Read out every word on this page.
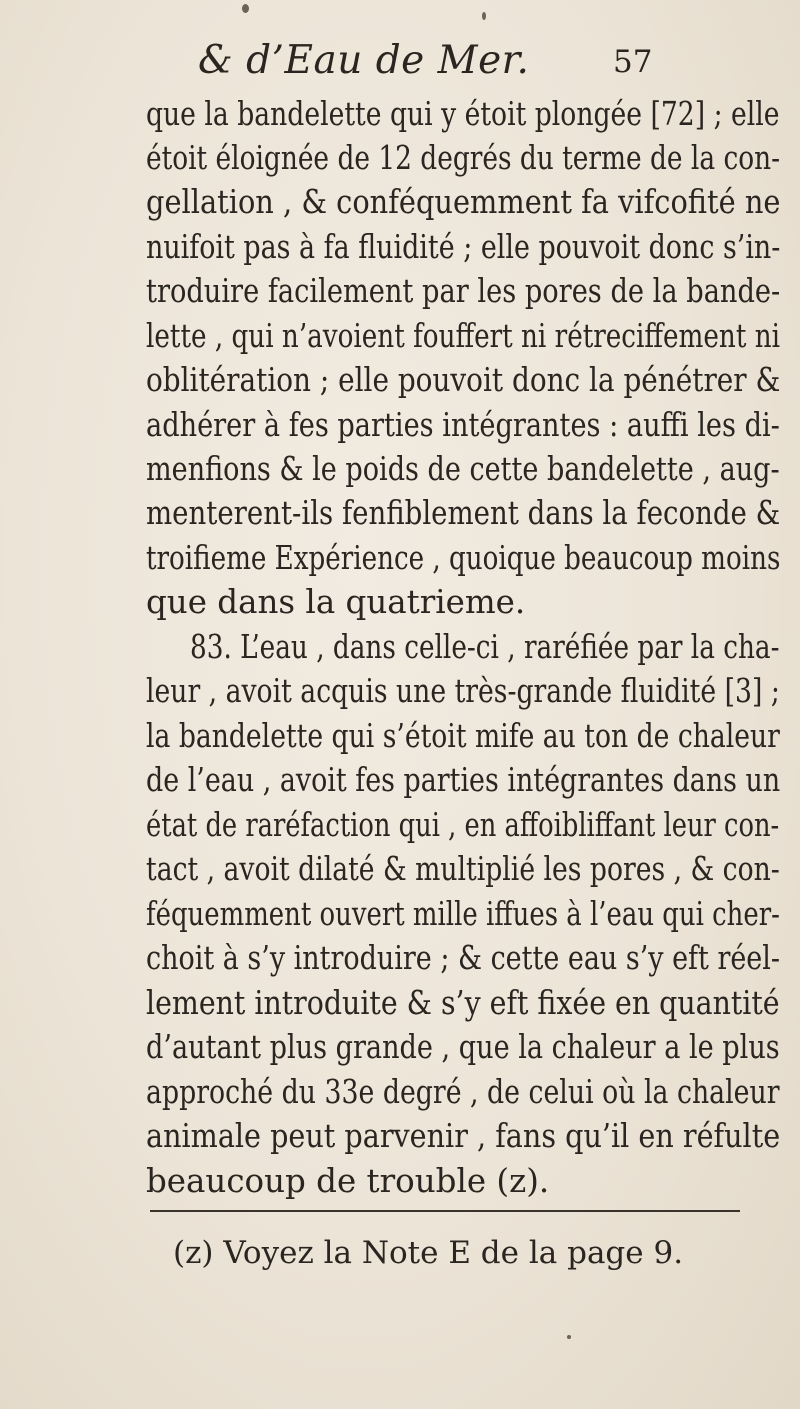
& d’Eau de Mer.	57
que la bandelette qui y étoit plongée [72] ; elle
étoit éloignée de 12 degrés du terme de la con-
gellation , & conféquemment fa vifcofité ne
nuifoit pas à fa fluidité ; elle pouvoit donc s’in-
troduire facilement par les pores de la bande-
lette , qui n’avoient fouffert ni rétreciffement ni
oblitération ; elle pouvoit donc la pénétrer &
adhérer à fes parties intégrantes : auffi les di-
menfions & le poids de cette bandelette , aug-
menterent-ils fenfiblement dans la feconde &
troifieme Expérience , quoique beaucoup moins
que dans la quatrieme.
83. L’eau , dans celle-ci , raréfiée par la cha-
leur , avoit acquis une très-grande fluidité [3] ;
la bandelette qui s’étoit mife au ton de chaleur
de l’eau , avoit fes parties intégrantes dans un
état de raréfaction qui , en affoibliffant leur con-
tact , avoit dilaté & multiplié les pores , & con-
féquemment ouvert mille iffues à l’eau qui cher-
choit à s’y introduire ; & cette eau s’y eft réel-
lement introduite & s’y eft fixée en quantité
d’autant plus grande , que la chaleur a le plus
approché du 33e degré , de celui où la chaleur
animale peut parvenir , fans qu’il en réfulte
beaucoup de trouble (z).
(z) Voyez la Note E de la page 9.
